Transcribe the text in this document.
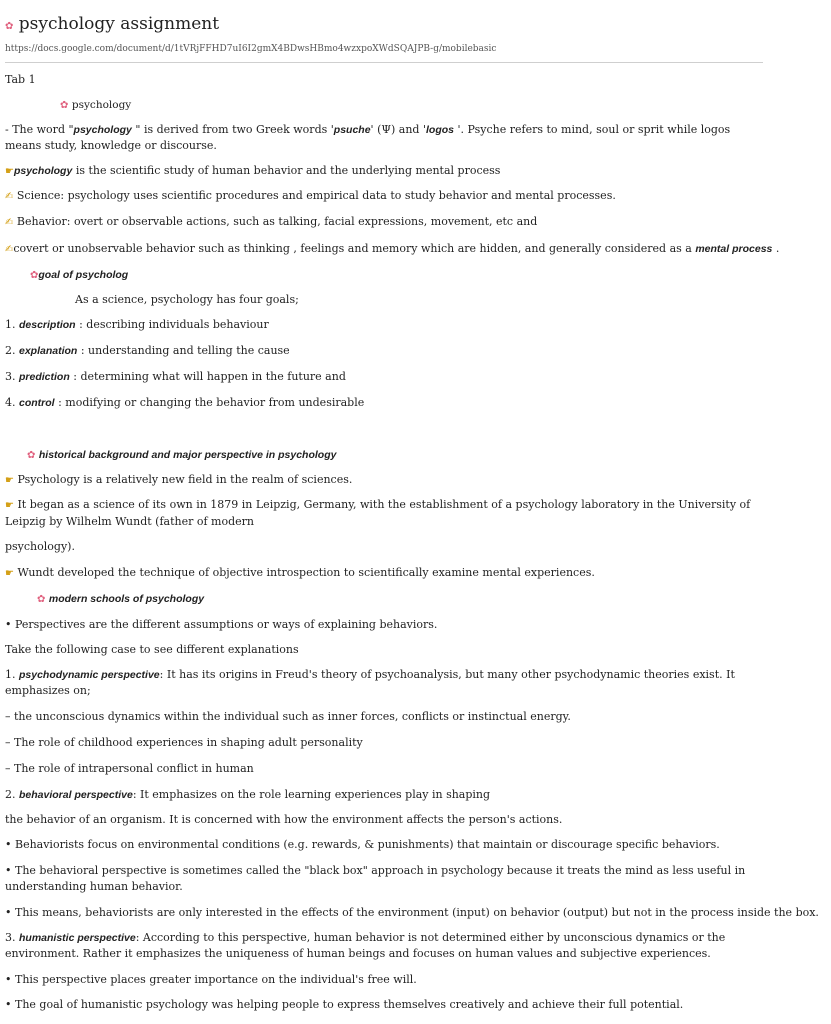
✿ psychology assignment
https://docs.google.com/document/d/1tVRjFFHD7uI6I2gmX4BDwsHBmo4wzxpoXWdSQAJPB-g/mobilebasic
Tab 1
✿ psychology
- The word "psychology " is derived from two Greek words 'psuche' (Ψ) and 'logos '. Psyche refers to mind, soul or sprit while logos means study, knowledge or discourse.
☛psychology is the scientific study of human behavior and the underlying mental process
✍ Science: psychology uses scientific procedures and empirical data to study behavior and mental processes.
✍ Behavior: overt or observable actions, such as talking, facial expressions, movement, etc and
✍covert or unobservable behavior such as thinking , feelings and memory which are hidden, and generally considered as a mental process .
✿goal of psycholog
As a science, psychology has four goals;
1. description : describing individuals behaviour
2. explanation : understanding and telling the cause
3. prediction : determining what will happen in the future and
4. control : modifying or changing the behavior from undesirable
✿ historical background and major perspective in psychology
☛ Psychology is a relatively new field in the realm of sciences.
☛ It began as a science of its own in 1879 in Leipzig, Germany, with the establishment of a psychology laboratory in the University of Leipzig by Wilhelm Wundt (father of modern
psychology).
☛ Wundt developed the technique of objective introspection to scientifically examine mental experiences.
✿ modern schools of psychology
• Perspectives are the different assumptions or ways of explaining behaviors.
Take the following case to see different explanations
1. psychodynamic perspective: It has its origins in Freud's theory of psychoanalysis, but many other psychodynamic theories exist. It emphasizes on;
– the unconscious dynamics within the individual such as inner forces, conflicts or instinctual energy.
– The role of childhood experiences in shaping adult personality
– The role of intrapersonal conflict in human
2. behavioral perspective: It emphasizes on the role learning experiences play in shaping
the behavior of an organism. It is concerned with how the environment affects the person's actions.
• Behaviorists focus on environmental conditions (e.g. rewards, & punishments) that maintain or discourage specific behaviors.
• The behavioral perspective is sometimes called the "black box" approach in psychology because it treats the mind as less useful in understanding human behavior.
• This means, behaviorists are only interested in the effects of the environment (input) on behavior (output) but not in the process inside the box.
3. humanistic perspective: According to this perspective, human behavior is not determined either by unconscious dynamics or the environment. Rather it emphasizes the uniqueness of human beings and focuses on human values and subjective experiences.
• This perspective places greater importance on the individual's free will.
• The goal of humanistic psychology was helping people to express themselves creatively and achieve their full potential.
